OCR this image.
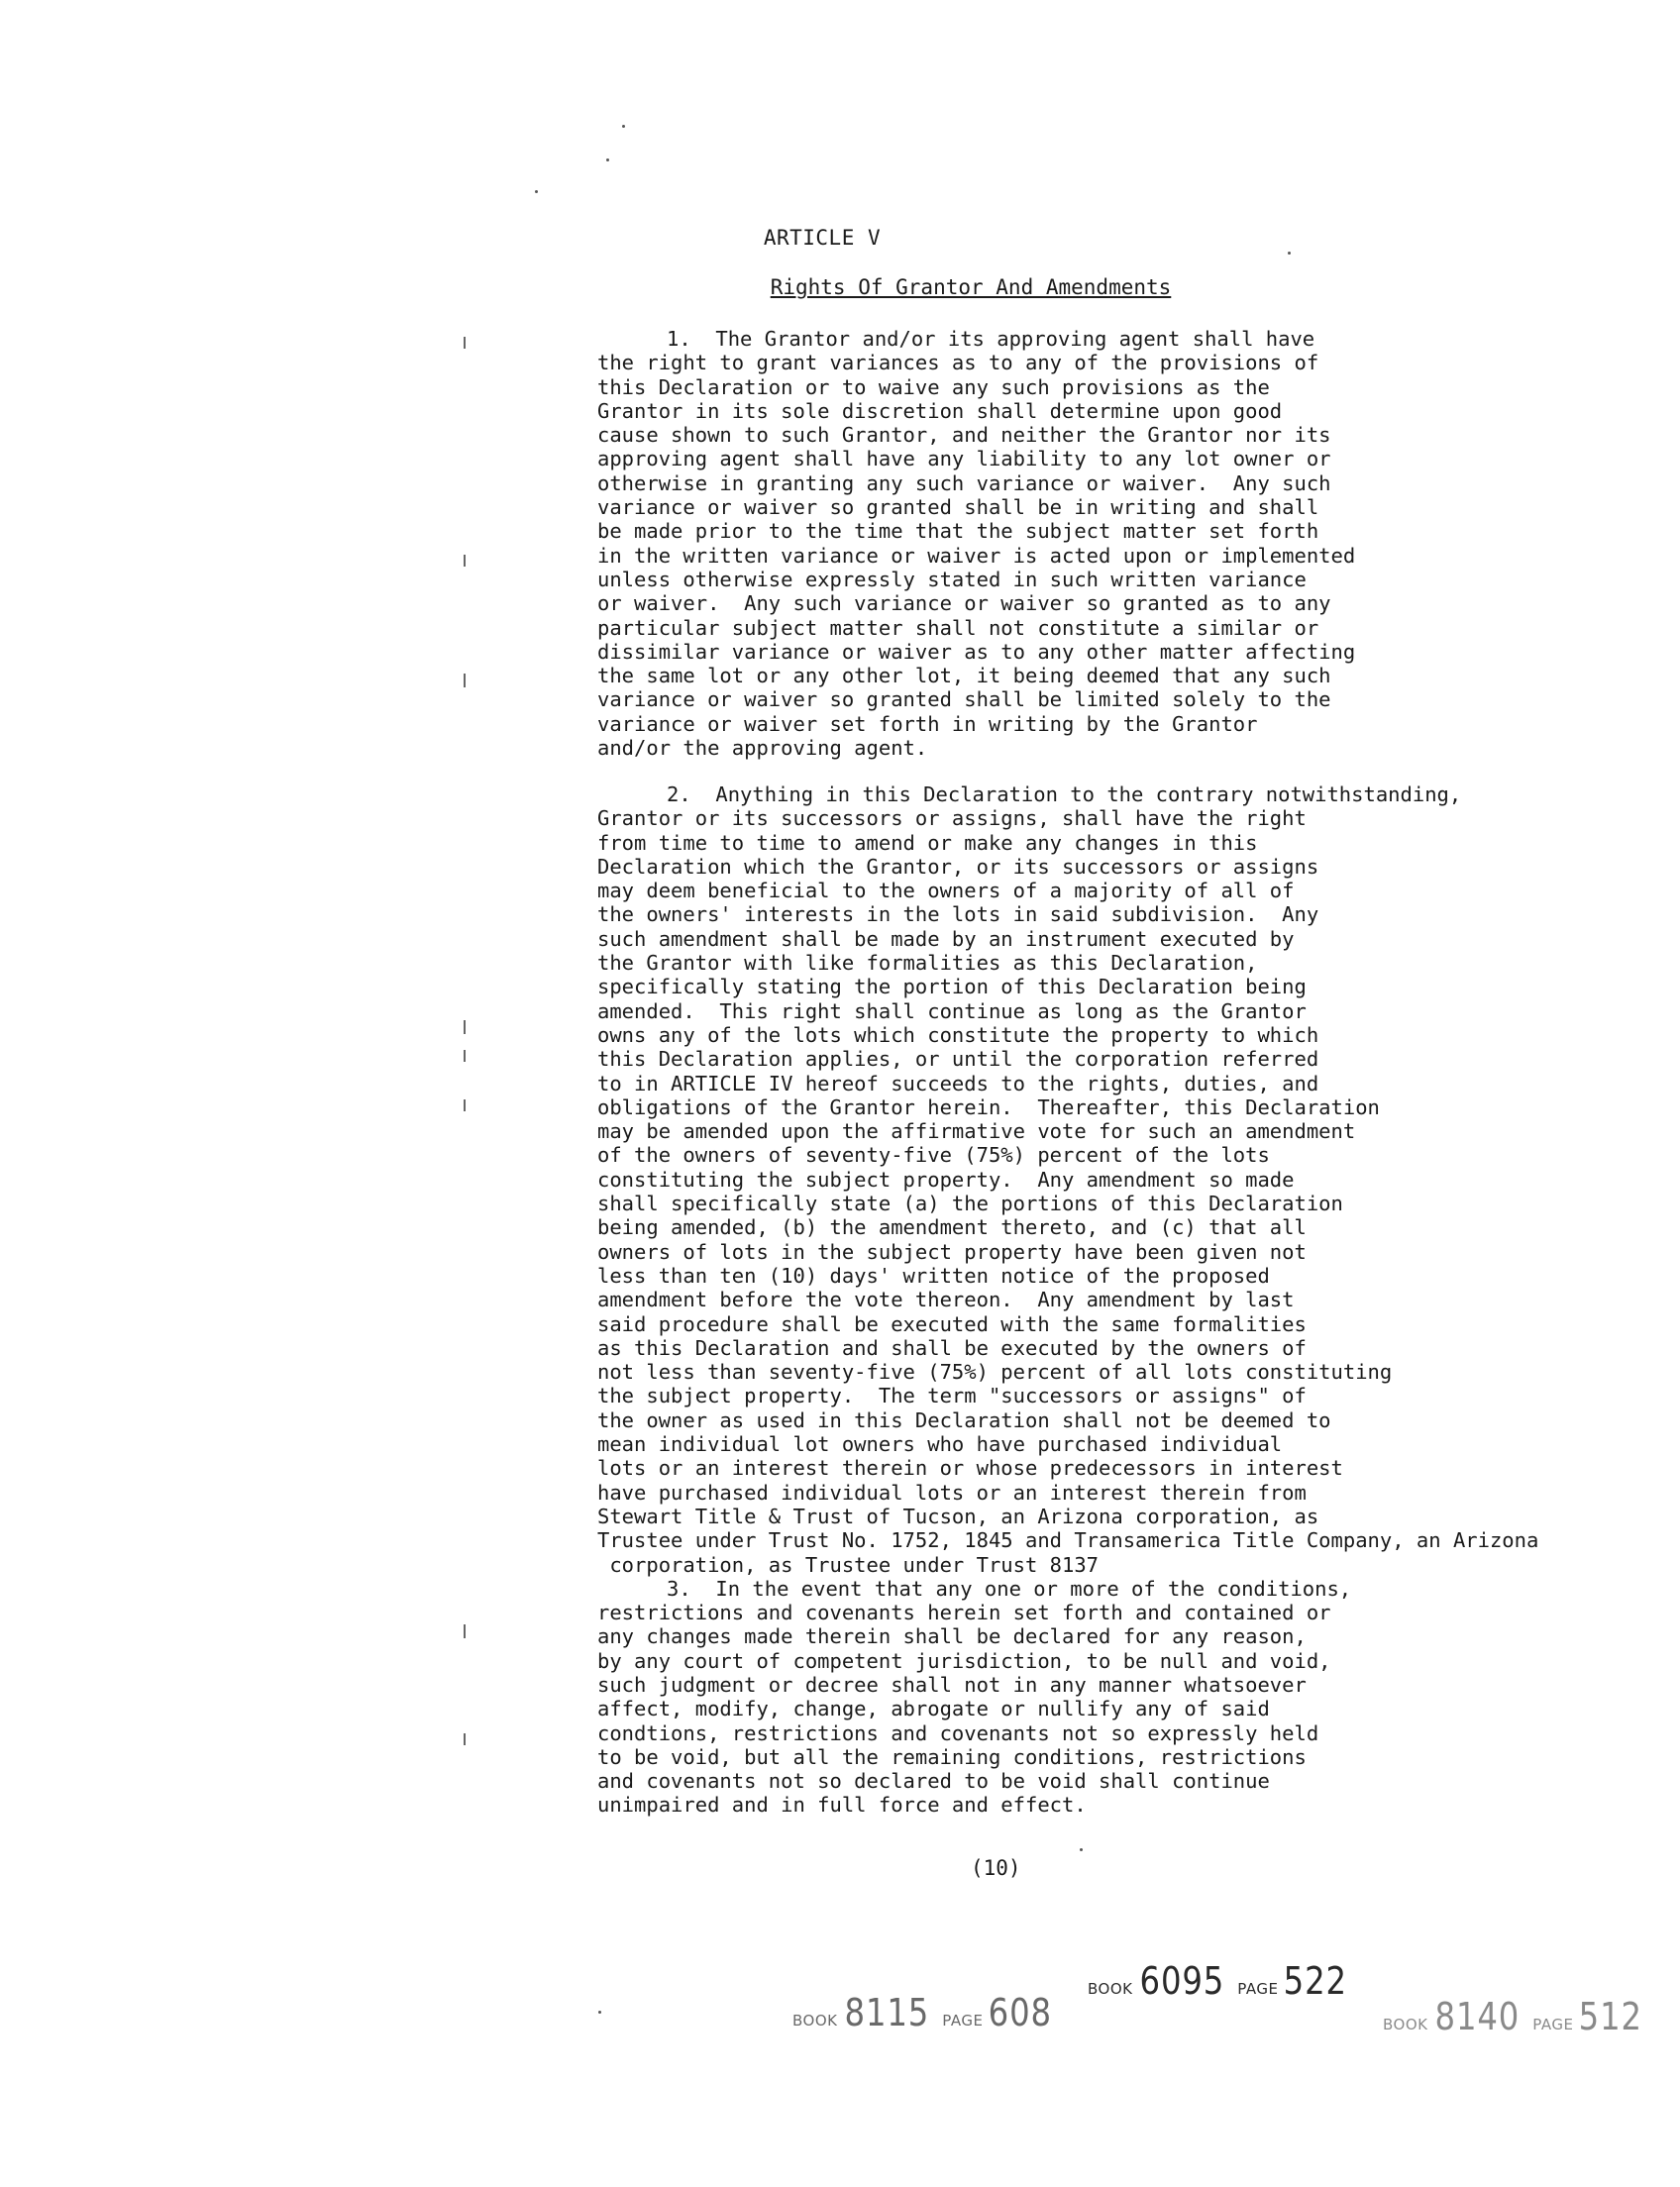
ARTICLE V
Rights Of Grantor And Amendments
1.  The Grantor and/or its approving agent shall have
the right to grant variances as to any of the provisions of
this Declaration or to waive any such provisions as the
Grantor in its sole discretion shall determine upon good
cause shown to such Grantor, and neither the Grantor nor its
approving agent shall have any liability to any lot owner or
otherwise in granting any such variance or waiver.  Any such
variance or waiver so granted shall be in writing and shall
be made prior to the time that the subject matter set forth
in the written variance or waiver is acted upon or implemented
unless otherwise expressly stated in such written variance
or waiver.  Any such variance or waiver so granted as to any
particular subject matter shall not constitute a similar or
dissimilar variance or waiver as to any other matter affecting
the same lot or any other lot, it being deemed that any such
variance or waiver so granted shall be limited solely to the
variance or waiver set forth in writing by the Grantor
and/or the approving agent.
2.  Anything in this Declaration to the contrary notwithstanding,
Grantor or its successors or assigns, shall have the right
from time to time to amend or make any changes in this
Declaration which the Grantor, or its successors or assigns
may deem beneficial to the owners of a majority of all of
the owners' interests in the lots in said subdivision.  Any
such amendment shall be made by an instrument executed by
the Grantor with like formalities as this Declaration,
specifically stating the portion of this Declaration being
amended.  This right shall continue as long as the Grantor
owns any of the lots which constitute the property to which
this Declaration applies, or until the corporation referred
to in ARTICLE IV hereof succeeds to the rights, duties, and
obligations of the Grantor herein.  Thereafter, this Declaration
may be amended upon the affirmative vote for such an amendment
of the owners of seventy-five (75%) percent of the lots
constituting the subject property.  Any amendment so made
shall specifically state (a) the portions of this Declaration
being amended, (b) the amendment thereto, and (c) that all
owners of lots in the subject property have been given not
less than ten (10) days' written notice of the proposed
amendment before the vote thereon.  Any amendment by last
said procedure shall be executed with the same formalities
as this Declaration and shall be executed by the owners of
not less than seventy-five (75%) percent of all lots constituting
the subject property.  The term "successors or assigns" of
the owner as used in this Declaration shall not be deemed to
mean individual lot owners who have purchased individual
lots or an interest therein or whose predecessors in interest
have purchased individual lots or an interest therein from
Stewart Title & Trust of Tucson, an Arizona corporation, as
Trustee under Trust No. 1752, 1845 and Transamerica Title Company, an Arizona
corporation, as Trustee under Trust 8137
3.  In the event that any one or more of the conditions,
restrictions and covenants herein set forth and contained or
any changes made therein shall be declared for any reason,
by any court of competent jurisdiction, to be null and void,
such judgment or decree shall not in any manner whatsoever
affect, modify, change, abrogate or nullify any of said
condtions, restrictions and covenants not so expressly held
to be void, but all the remaining conditions, restrictions
and covenants not so declared to be void shall continue
unimpaired and in full force and effect.
(10)
BOOK 8115 PAGE 608
BOOK 6095 PAGE 522
BOOK 8140 PAGE 512
